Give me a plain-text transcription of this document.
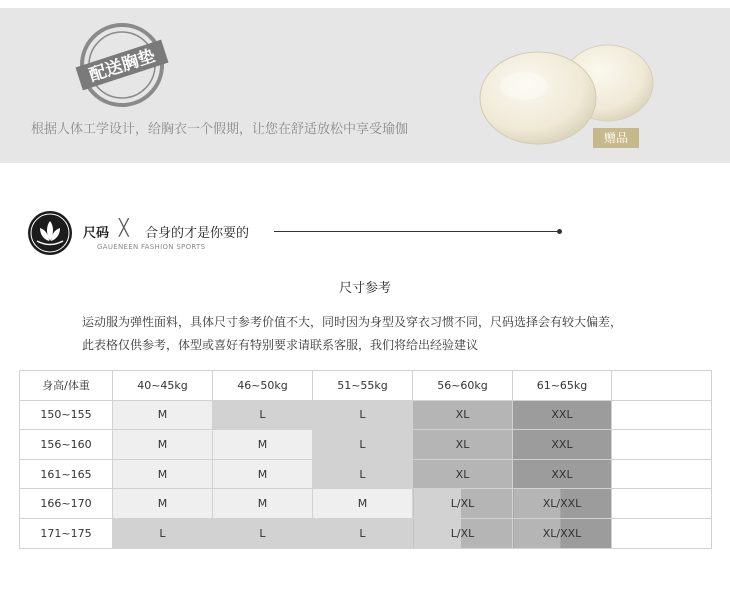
配送胸垫
根据人体工学设计，给胸衣一个假期，让您在舒适放松中享受瑜伽
赠品
尺码 ╳ 合身的才是你要的
GAUENEEN FASHION SPORTS
尺寸参考
运动服为弹性面料，具体尺寸参考价值不大，同时因为身型及穿衣习惯不同，尺码选择会有较大偏差，
此表格仅供参考，体型或喜好有特别要求请联系客服，我们将给出经验建议
身高/体重	40~45kg	46~50kg	51~55kg	56~60kg	61~65kg	
150~155	M	L	L	XL	XXL	
156~160	M	M	L	XL	XXL	
161~165	M	M	L	XL	XXL	
166~170	M	M	M	L/XL	XL/XXL	
171~175	L	L	L	L/XL	XL/XXL	
